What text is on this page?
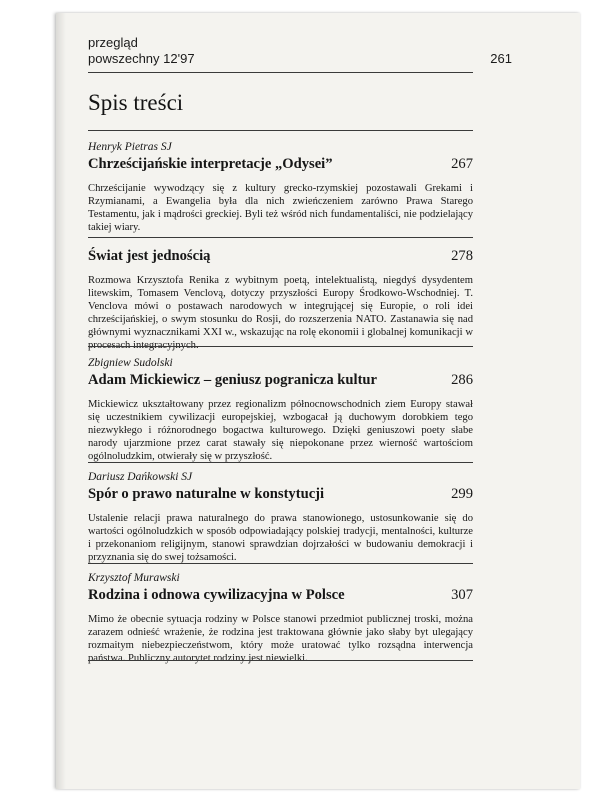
przegląd
powszechny 12'97	261
Spis treści
Henryk Pietras SJ
Chrześcijańskie interpretacje „Odysei”	267
Chrześcijanie wywodzący się z kultury grecko-rzymskiej pozostawali Grekami i Rzymianami, a Ewangelia była dla nich zwieńczeniem zarówno Prawa Starego Testamentu, jak i mądrości greckiej. Byli też wśród nich fundamentaliści, nie podzielający takiej wiary.
Świat jest jednością	278
Rozmowa Krzysztofa Renika z wybitnym poetą, intelektualistą, niegdyś dysydentem litewskim, Tomasem Venclovą, dotyczy przyszłości Europy Środkowo-Wschodniej. T. Venclova mówi o postawach narodowych w integrującej się Europie, o roli idei chrześcijańskiej, o swym stosunku do Rosji, do rozszerzenia NATO. Zastanawia się nad głównymi wyznacznikami XXI w., wskazując na rolę ekonomii i globalnej komunikacji w procesach integracyjnych.
Zbigniew Sudolski
Adam Mickiewicz – geniusz pogranicza kultur	286
Mickiewicz ukształtowany przez regionalizm północnowschodnich ziem Europy stawał się uczestnikiem cywilizacji europejskiej, wzbogacał ją duchowym dorobkiem tego niezwykłego i różnorodnego bogactwa kulturowego. Dzięki geniuszowi poety słabe narody ujarzmione przez carat stawały się niepokonane przez wierność wartościom ogólnoludzkim, otwierały się w przyszłość.
Dariusz Dańkowski SJ
Spór o prawo naturalne w konstytucji	299
Ustalenie relacji prawa naturalnego do prawa stanowionego, ustosunkowanie się do wartości ogólnoludzkich w sposób odpowiadający polskiej tradycji, mentalności, kulturze i przekonaniom religijnym, stanowi sprawdzian dojrzałości w budowaniu demokracji i przyznania się do swej tożsamości.
Krzysztof Murawski
Rodzina i odnowa cywilizacyjna w Polsce	307
Mimo że obecnie sytuacja rodziny w Polsce stanowi przedmiot publicznej troski, można zarazem odnieść wrażenie, że rodzina jest traktowana głównie jako słaby byt ulegający rozmaitym niebezpieczeństwom, który może uratować tylko rozsądna interwencja państwa. Publiczny autorytet rodziny jest niewielki.
